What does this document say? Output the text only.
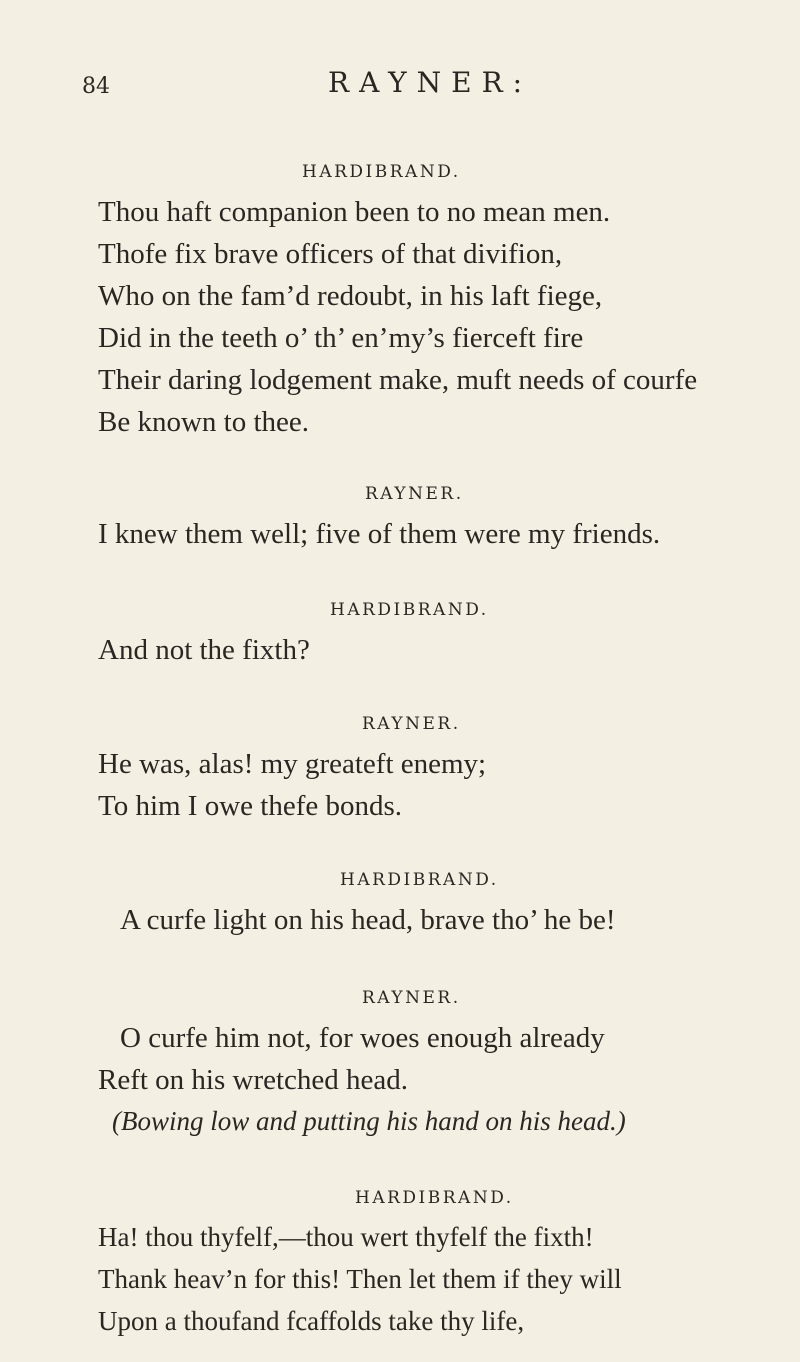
84	RAYNER:
HARDIBRAND.
Thou haft companion been to no mean men.
Thofe fix brave officers of that divifion,
Who on the fam’d redoubt, in his laft fiege,
Did in the teeth o’ th’ en’my’s fierceft fire
Their daring lodgement make, muft needs of courfe
Be known to thee.
RAYNER.
I knew them well; five of them were my friends.
HARDIBRAND.
And not the fixth?
RAYNER.
He was, alas! my greateft enemy;
To him I owe thefe bonds.
HARDIBRAND.
A curfe light on his head, brave tho’ he be!
RAYNER.
O curfe him not, for woes enough already
Reft on his wretched head.
(Bowing low and putting his hand on his head.)
HARDIBRAND.
Ha! thou thyfelf,—thou wert thyfelf the fixth!
Thank heav’n for this! Then let them if they will
Upon a thoufand fcaffolds take thy life,
